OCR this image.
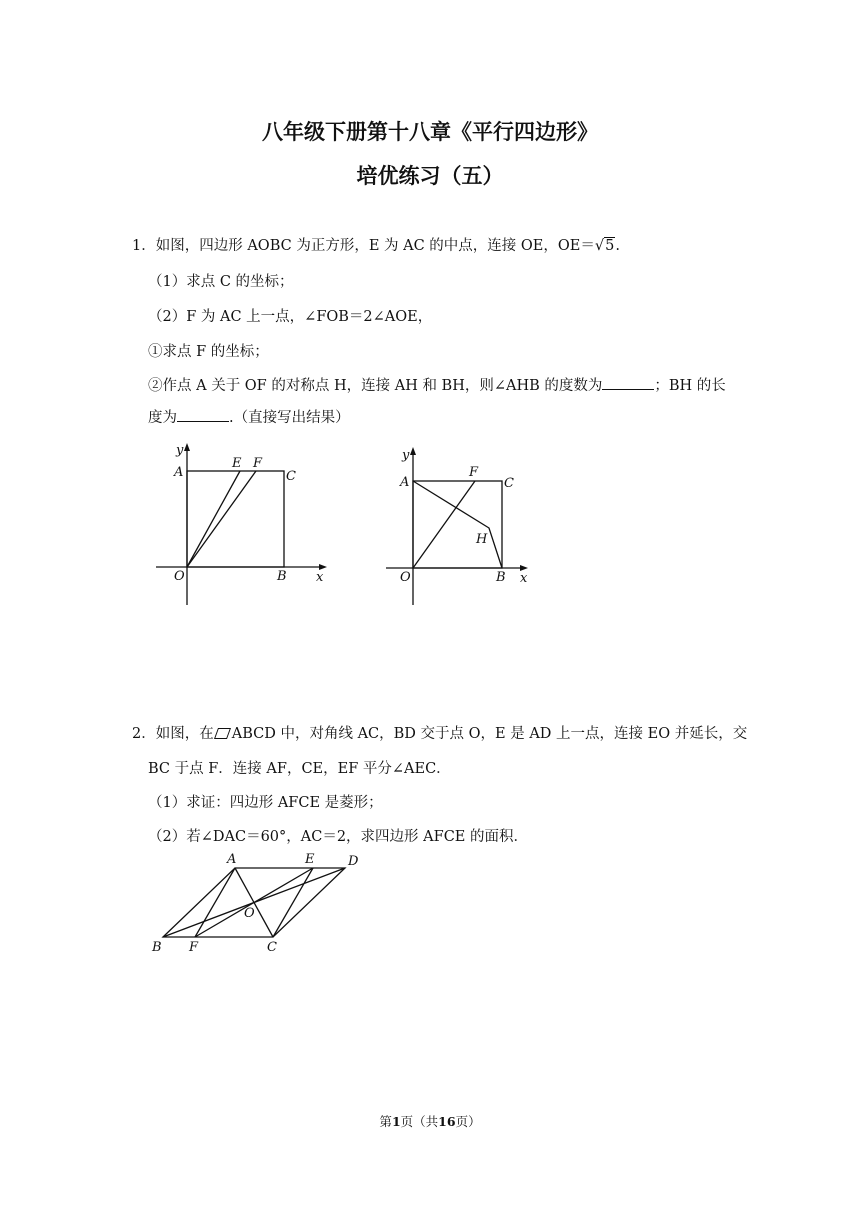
八年级下册第十八章《平行四边形》
培优练习（五）
1．如图，四边形 AOBC 为正方形，E 为 AC 的中点，连接 OE，OE＝√5.
（1）求点 C 的坐标；
（2）F 为 AC 上一点，∠FOB＝2∠AOE，
①求点 F 的坐标；
②作点 A 关于 OF 的对称点 H，连接 AH 和 BH，则∠AHB 的度数为	；BH 的长
度为	.（直接写出结果）
y
A
E F
C
O	B x
y
A
F
C
H
O	B x
2．如图，在 ABCD 中，对角线 AC，BD 交于点 O，E 是 AD 上一点，连接 EO 并延长，交
BC 于点 F．连接 AF，CE，EF 平分∠AEC．
（1）求证：四边形 AFCE 是菱形；
（2）若∠DAC＝60°，AC＝2，求四边形 AFCE 的面积．
A	E	D
O
B F	C
第1页（共16页）
